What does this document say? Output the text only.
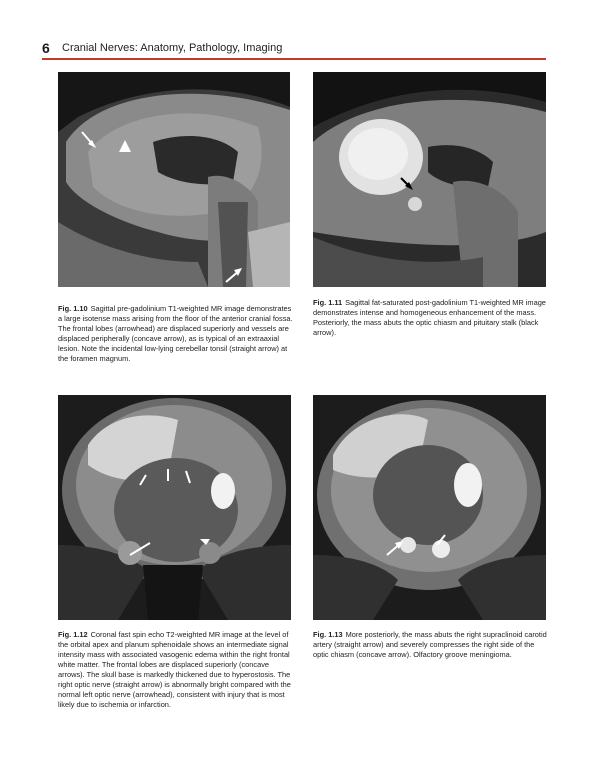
6 Cranial Nerves: Anatomy, Pathology, Imaging
Fig. 1.10 Sagittal pre-gadolinium T1-weighted MR image demonstrates a large isotense mass arising from the floor of the anterior cranial fossa. The frontal lobes (arrowhead) are displaced superiorly and vessels are displaced peripherally (concave arrow), as is typical of an extraaxial lesion. Note the incidental low-lying cerebellar tonsil (straight arrow) at the foramen magnum.
Fig. 1.11 Sagittal fat-saturated post-gadolinium T1-weighted MR image demonstrates intense and homogeneous enhancement of the mass. Posteriorly, the mass abuts the optic chiasm and pituitary stalk (black arrow).
Fig. 1.12 Coronal fast spin echo T2-weighted MR image at the level of the orbital apex and planum sphenoidale shows an intermediate signal intensity mass with associated vasogenic edema within the right frontal white matter. The frontal lobes are displaced superiorly (concave arrows). The skull base is markedly thickened due to hyperostosis. The right optic nerve (straight arrow) is abnormally bright compared with the normal left optic nerve (arrowhead), consistent with injury that is most likely due to ischemia or infarction.
Fig. 1.13 More posteriorly, the mass abuts the right supraclinoid carotid artery (straight arrow) and severely compresses the right side of the optic chiasm (concave arrow). Olfactory groove meningioma.
